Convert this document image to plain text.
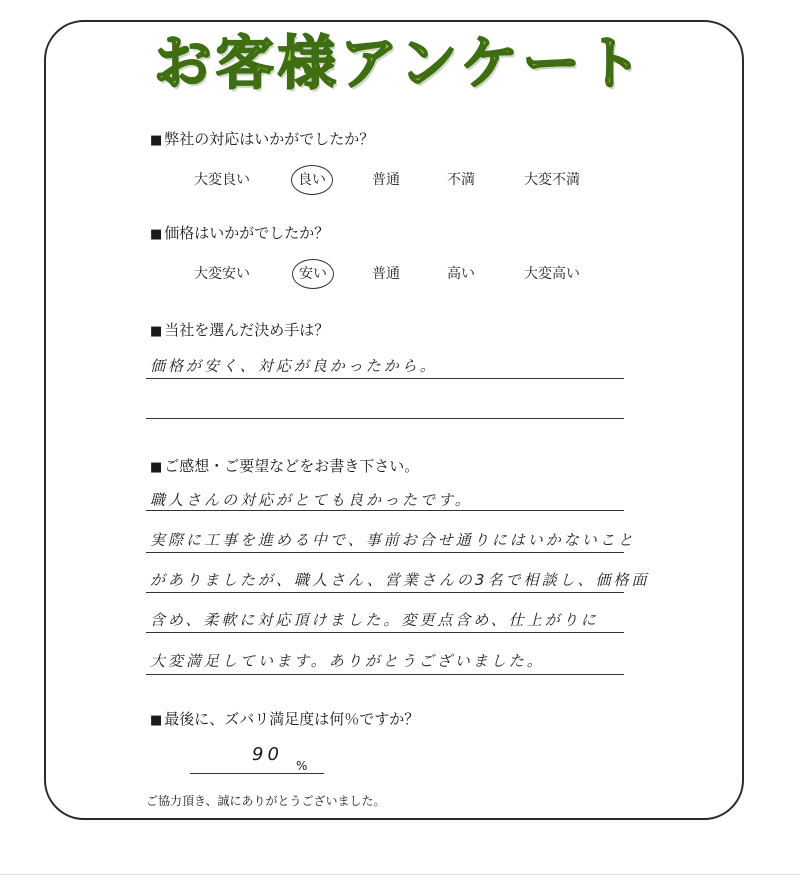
お客様アンケート
■ 弊社の対応はいかがでしたか？
大変良い	良い	普通	不満	大変不満
■ 価格はいかがでしたか？
大変安い	安い	普通	高い	大変高い
■ 当社を選んだ決め手は？
価格が安く、対応が良かったから。
■ ご感想・ご要望などをお書き下さい。
職人さんの対応がとても良かったです。
実際に工事を進める中で、事前お合せ通りにはいかないこと
がありましたが、職人さん、営業さんの3名で相談し、価格面
含め、柔軟に対応頂けました。変更点含め、仕上がりに
大変満足しています。ありがとうございました。
■ 最後に、ズバリ満足度は何％ですか？
90
%
ご協力頂き、誠にありがとうございました。
